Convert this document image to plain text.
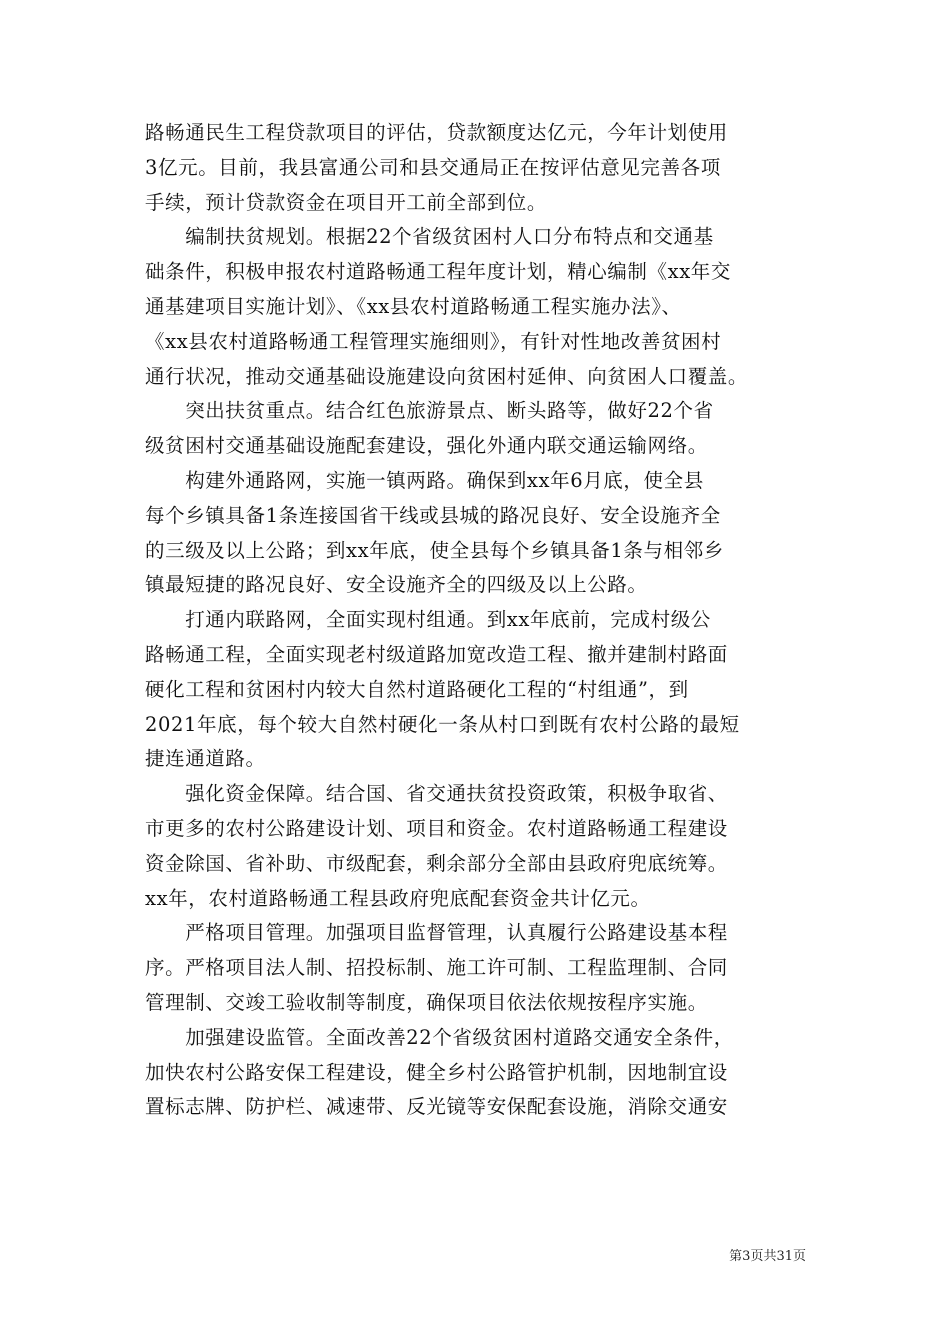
路畅通民生工程贷款项目的评估，贷款额度达亿元，今年计划使用
3亿元。目前，我县富通公司和县交通局正在按评估意见完善各项
手续，预计贷款资金在项目开工前全部到位。

　　编制扶贫规划。根据22个省级贫困村人口分布特点和交通基
础条件，积极申报农村道路畅通工程年度计划，精心编制《xx年交
通基建项目实施计划》、《xx县农村道路畅通工程实施办法》、
《xx县农村道路畅通工程管理实施细则》，有针对性地改善贫困村
通行状况，推动交通基础设施建设向贫困村延伸、向贫困人口覆盖。

　　突出扶贫重点。结合红色旅游景点、断头路等，做好22个省
级贫困村交通基础设施配套建设，强化外通内联交通运输网络。

　　构建外通路网，实施一镇两路。确保到xx年6月底，使全县
每个乡镇具备1条连接国省干线或县城的路况良好、安全设施齐全
的三级及以上公路；到xx年底，使全县每个乡镇具备1条与相邻乡
镇最短捷的路况良好、安全设施齐全的四级及以上公路。

　　打通内联路网，全面实现村组通。到xx年底前，完成村级公
路畅通工程，全面实现老村级道路加宽改造工程、撤并建制村路面
硬化工程和贫困村内较大自然村道路硬化工程的“村组通”，到
2021年底，每个较大自然村硬化一条从村口到既有农村公路的最短
捷连通道路。

　　强化资金保障。结合国、省交通扶贫投资政策，积极争取省、
市更多的农村公路建设计划、项目和资金。农村道路畅通工程建设
资金除国、省补助、市级配套，剩余部分全部由县政府兜底统筹。
xx年，农村道路畅通工程县政府兜底配套资金共计亿元。

　　严格项目管理。加强项目监督管理，认真履行公路建设基本程
序。严格项目法人制、招投标制、施工许可制、工程监理制、合同
管理制、交竣工验收制等制度，确保项目依法依规按程序实施。

　　加强建设监管。全面改善22个省级贫困村道路交通安全条件，
加快农村公路安保工程建设，健全乡村公路管护机制，因地制宜设
置标志牌、防护栏、减速带、反光镜等安保配套设施，消除交通安

第3页共31页
